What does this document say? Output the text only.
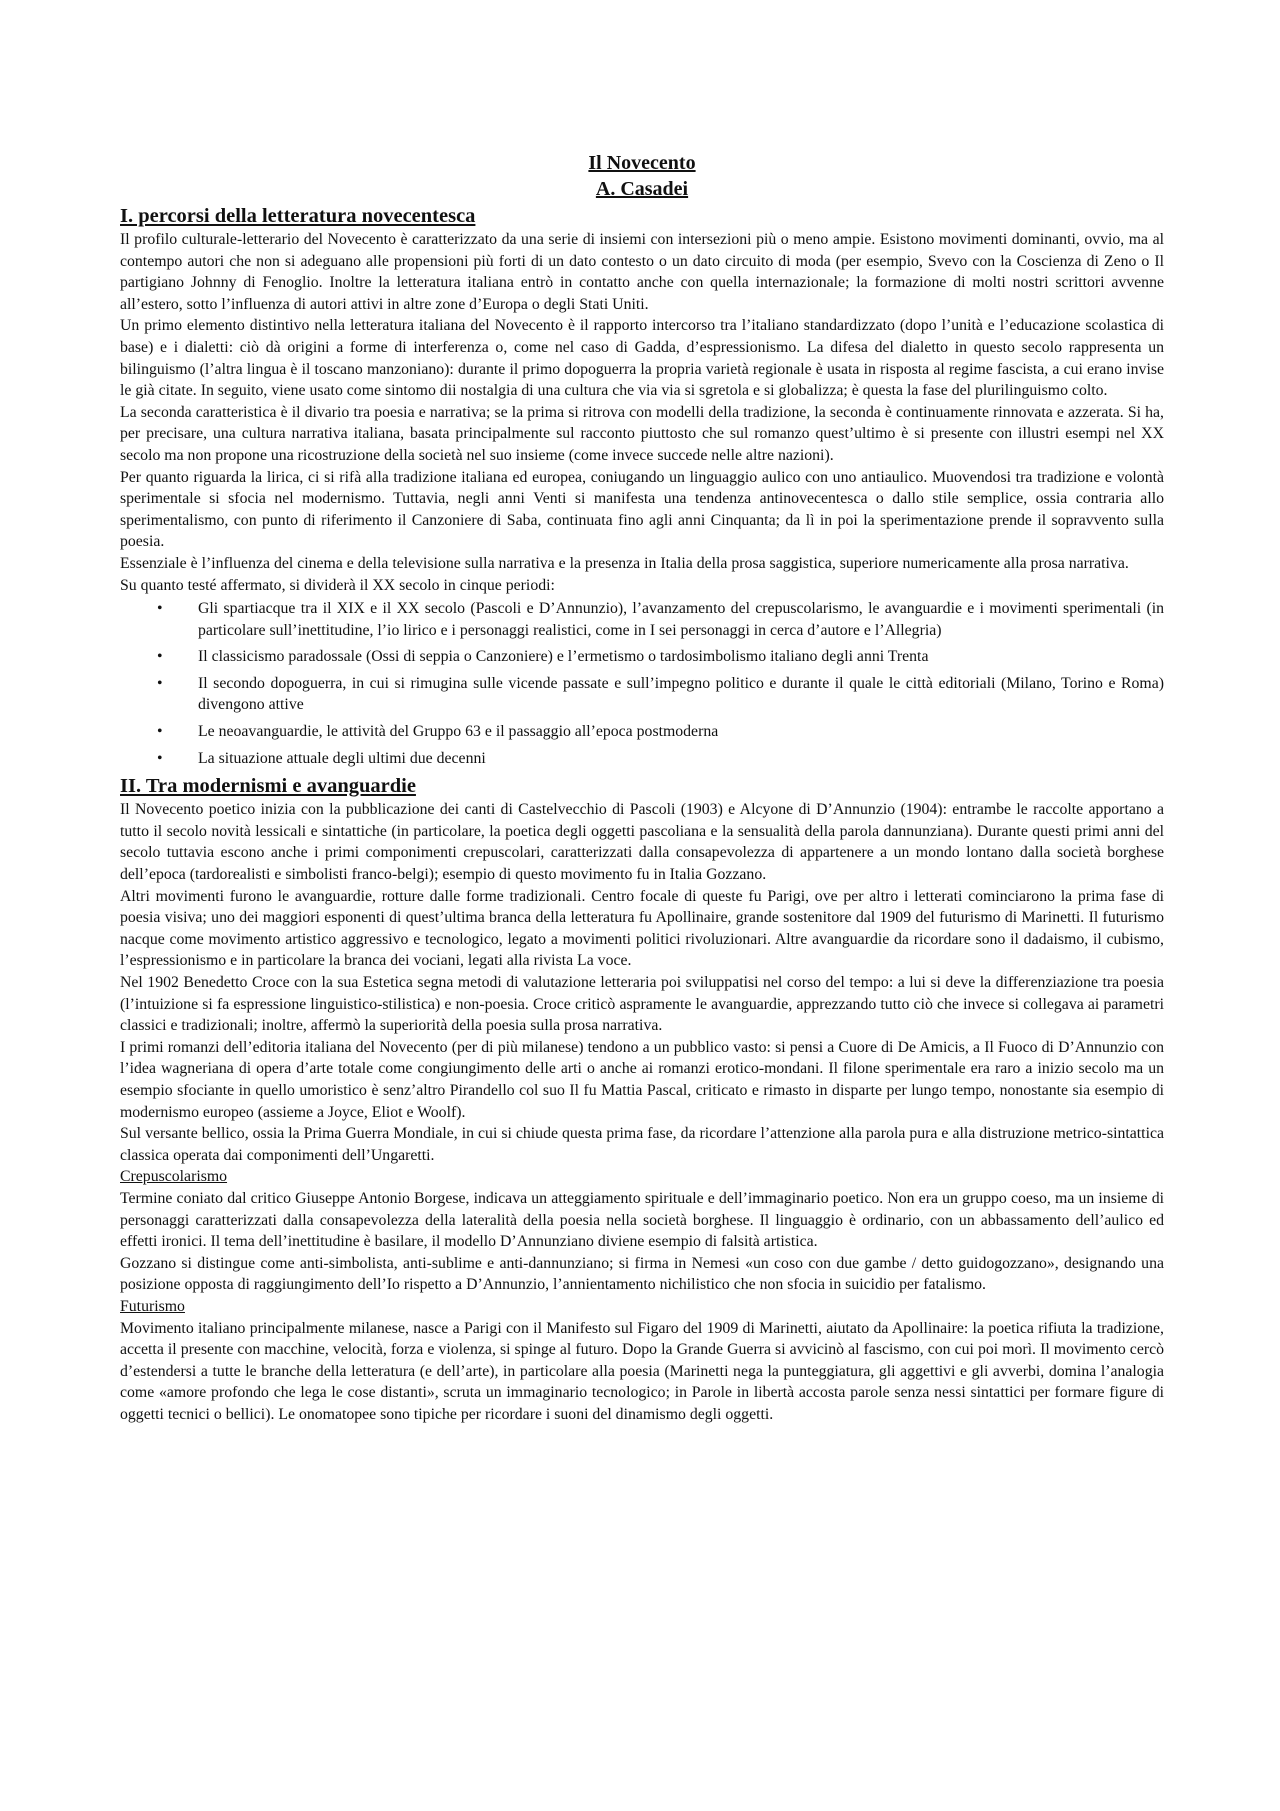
Il Novecento
A. Casadei
I. percorsi della letteratura novecentesca

Il profilo culturale-letterario del Novecento è caratterizzato da una serie di insiemi con intersezioni più o meno ampie. Esistono movimenti dominanti, ovvio, ma al contempo autori che non si adeguano alle propensioni più forti di un dato contesto o un dato circuito di moda (per esempio, Svevo con la Coscienza di Zeno o Il partigiano Johnny di Fenoglio. Inoltre la letteratura italiana entrò in contatto anche con quella internazionale; la formazione di molti nostri scrittori avvenne all’estero, sotto l’influenza di autori attivi in altre zone d’Europa o degli Stati Uniti.

Un primo elemento distintivo nella letteratura italiana del Novecento è il rapporto intercorso tra l’italiano standardizzato (dopo l’unità e l’educazione scolastica di base) e i dialetti: ciò dà origini a forme di interferenza o, come nel caso di Gadda, d’espressionismo. La difesa del dialetto in questo secolo rappresenta un bilinguismo (l’altra lingua è il toscano manzoniano): durante il primo dopoguerra la propria varietà regionale è usata in risposta al regime fascista, a cui erano invise le già citate. In seguito, viene usato come sintomo dii nostalgia di una cultura che via via si sgretola e si globalizza; è questa la fase del plurilinguismo colto.

La seconda caratteristica è il divario tra poesia e narrativa; se la prima si ritrova con modelli della tradizione, la seconda è continuamente rinnovata e azzerata. Si ha, per precisare, una cultura narrativa italiana, basata principalmente sul racconto piuttosto che sul romanzo quest’ultimo è si presente con illustri esempi nel XX secolo ma non propone una ricostruzione della società nel suo insieme (come invece succede nelle altre nazioni).

Per quanto riguarda la lirica, ci si rifà alla tradizione italiana ed europea, coniugando un linguaggio aulico con uno antiaulico. Muovendosi tra tradizione e volontà sperimentale si sfocia nel modernismo. Tuttavia, negli anni Venti si manifesta una tendenza antinovecentesca o dallo stile semplice, ossia contraria allo sperimentalismo, con punto di riferimento il Canzoniere di Saba, continuata fino agli anni Cinquanta; da lì in poi la sperimentazione prende il sopravvento sulla poesia.

Essenziale è l’influenza del cinema e della televisione sulla narrativa e la presenza in Italia della prosa saggistica, superiore numericamente alla prosa narrativa.

Su quanto testé affermato, si dividerà il XX secolo in cinque periodi:

• Gli spartiacque tra il XIX e il XX secolo (Pascoli e D’Annunzio), l’avanzamento del crepuscolarismo, le avanguardie e i movimenti sperimentali (in particolare sull’inettitudine, l’io lirico e i personaggi realistici, come in I sei personaggi in cerca d’autore e l’Allegria)
• Il classicismo paradossale (Ossi di seppia o Canzoniere) e l’ermetismo o tardosimbolismo italiano degli anni Trenta
• Il secondo dopoguerra, in cui si rimugina sulle vicende passate e sull’impegno politico e durante il quale le città editoriali (Milano, Torino e Roma) divengono attive
• Le neoavanguardie, le attività del Gruppo 63 e il passaggio all’epoca postmoderna
• La situazione attuale degli ultimi due decenni
II. Tra modernismi e avanguardie

Il Novecento poetico inizia con la pubblicazione dei canti di Castelvecchio di Pascoli (1903) e Alcyone di D’Annunzio (1904): entrambe le raccolte apportano a tutto il secolo novità lessicali e sintattiche (in particolare, la poetica degli oggetti pascoliana e la sensualità della parola dannunziana). Durante questi primi anni del secolo tuttavia escono anche i primi componimenti crepuscolari, caratterizzati dalla consapevolezza di appartenere a un mondo lontano dalla società borghese dell’epoca (tardorealisti e simbolisti franco-belgi); esempio di questo movimento fu in Italia Gozzano.

Altri movimenti furono le avanguardie, rotture dalle forme tradizionali. Centro focale di queste fu Parigi, ove per altro i letterati cominciarono la prima fase di poesia visiva; uno dei maggiori esponenti di quest’ultima branca della letteratura fu Apollinaire, grande sostenitore dal 1909 del futurismo di Marinetti. Il futurismo nacque come movimento artistico aggressivo e tecnologico, legato a movimenti politici rivoluzionari. Altre avanguardie da ricordare sono il dadaismo, il cubismo, l’espressionismo e in particolare la branca dei vociani, legati alla rivista La voce.

Nel 1902 Benedetto Croce con la sua Estetica segna metodi di valutazione letteraria poi sviluppatisi nel corso del tempo: a lui si deve la differenziazione tra poesia (l’intuizione si fa espressione linguistico-stilistica) e non-poesia. Croce criticò aspramente le avanguardie, apprezzando tutto ciò che invece si collegava ai parametri classici e tradizionali; inoltre, affermò la superiorità della poesia sulla prosa narrativa.

I primi romanzi dell’editoria italiana del Novecento (per di più milanese) tendono a un pubblico vasto: si pensi a Cuore di De Amicis, a Il Fuoco di D’Annunzio con l’idea wagneriana di opera d’arte totale come congiungimento delle arti o anche ai romanzi erotico-mondani. Il filone sperimentale era raro a inizio secolo ma un esempio sfociante in quello umoristico è senz’altro Pirandello col suo Il fu Mattia Pascal, criticato e rimasto in disparte per lungo tempo, nonostante sia esempio di modernismo europeo (assieme a Joyce, Eliot e Woolf).

Sul versante bellico, ossia la Prima Guerra Mondiale, in cui si chiude questa prima fase, da ricordare l’attenzione alla parola pura e alla distruzione metrico-sintattica classica operata dai componimenti dell’Ungaretti.

Crepuscolarismo

Termine coniato dal critico Giuseppe Antonio Borgese, indicava un atteggiamento spirituale e dell’immaginario poetico. Non era un gruppo coeso, ma un insieme di personaggi caratterizzati dalla consapevolezza della lateralità della poesia nella società borghese. Il linguaggio è ordinario, con un abbassamento dell’aulico ed effetti ironici. Il tema dell’inettitudine è basilare, il modello D’Annunziano diviene esempio di falsità artistica.

Gozzano si distingue come anti-simbolista, anti-sublime e anti-dannunziano; si firma in Nemesi «un coso con due gambe / detto guidogozzano», designando una posizione opposta di raggiungimento dell’Io rispetto a D’Annunzio, l’annientamento nichilistico che non sfocia in suicidio per fatalismo.

Futurismo

Movimento italiano principalmente milanese, nasce a Parigi con il Manifesto sul Figaro del 1909 di Marinetti, aiutato da Apollinaire: la poetica rifiuta la tradizione, accetta il presente con macchine, velocità, forza e violenza, si spinge al futuro. Dopo la Grande Guerra si avvicinò al fascismo, con cui poi morì. Il movimento cercò d’estendersi a tutte le branche della letteratura (e dell’arte), in particolare alla poesia (Marinetti nega la punteggiatura, gli aggettivi e gli avverbi, domina l’analogia come «amore profondo che lega le cose distanti», scruta un immaginario tecnologico; in Parole in libertà accosta parole senza nessi sintattici per formare figure di oggetti tecnici o bellici). Le onomatopee sono tipiche per ricordare i suoni del dinamismo degli oggetti.
